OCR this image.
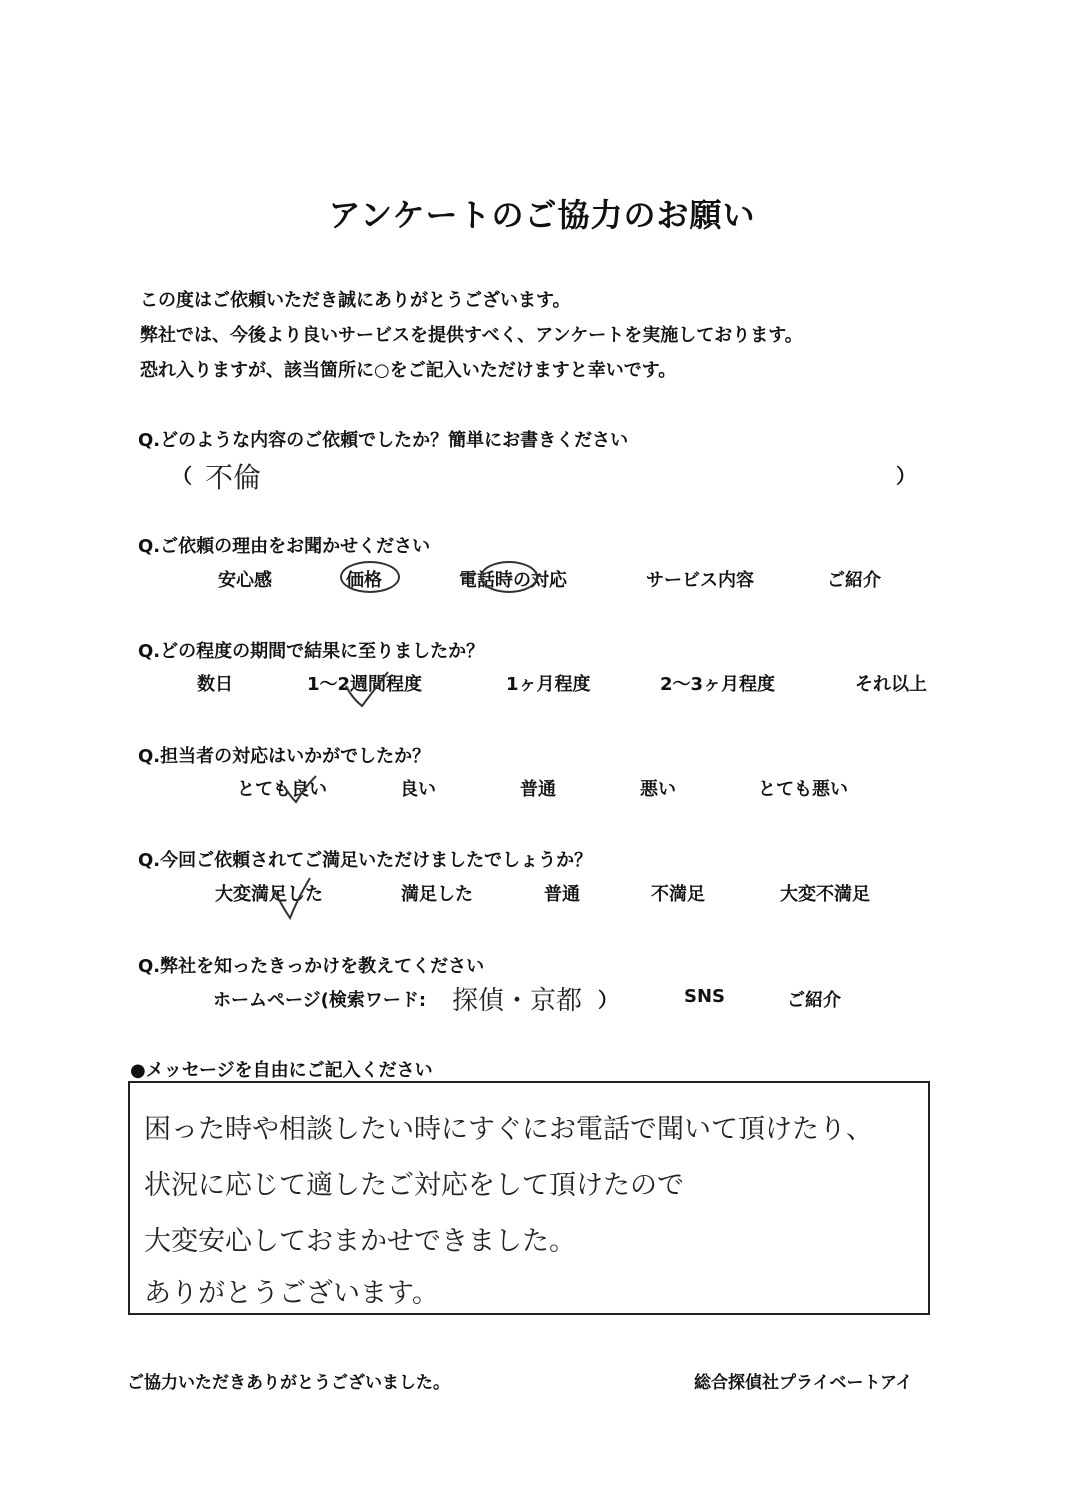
アンケートのご協力のお願い
この度はご依頼いただき誠にありがとうございます。
弊社では、今後より良いサービスを提供すべく、アンケートを実施しております。
恐れ入りますが、該当箇所に○をご記入いただけますと幸いです。
Q.どのような内容のご依頼でしたか？簡単にお書きください
（ 不倫	）
Q.ご依頼の理由をお聞かせください
安心感	価格	電話時の対応	サービス内容	ご紹介
Q.どの程度の期間で結果に至りましたか？
数日	1～2週間程度	1ヶ月程度	2～3ヶ月程度	それ以上
Q.担当者の対応はいかがでしたか？
とても良い	良い	普通	悪い	とても悪い
Q.今回ご依頼されてご満足いただけましたでしょうか？
大変満足した	満足した	普通	不満足	大変不満足
Q.弊社を知ったきっかけを教えてください
ホームページ(検索ワード: 探偵・京都 ）	SNS	ご紹介
●メッセージを自由にご記入ください
困った時や相談したい時にすぐにお電話で聞いて頂けたり、
状況に応じて適したご対応をして頂けたので
大変安心しておまかせできました。
ありがとうございます。
ご協力いただきありがとうございました。	総合探偵社プライベートアイ
